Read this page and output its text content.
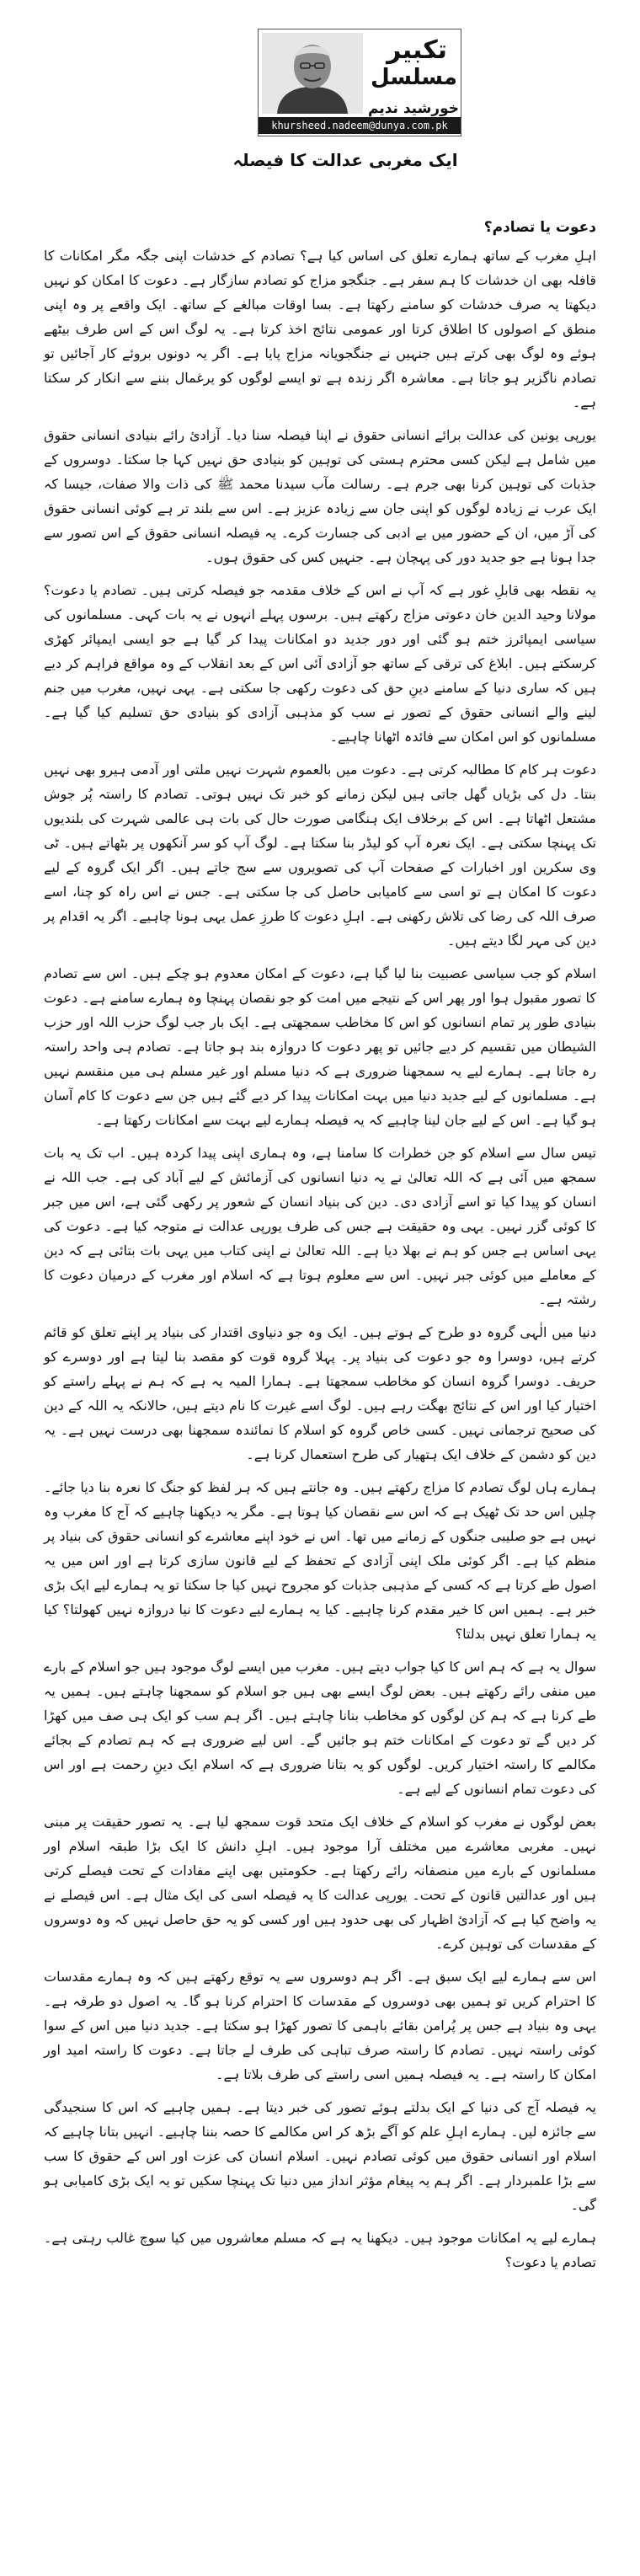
ایک مغربی عدالت کا فیصلہ
تکبیر
مسلسل
خورشید ندیم
khursheed.nadeem@dunya.com.pk
دعوت یا تصادم؟

اہلِ مغرب کے ساتھ ہمارے تعلق کی اساس کیا ہے؟ تصادم کے خدشات اپنی جگہ مگر امکانات کا قافلہ بھی ان خدشات کا ہم سفر ہے۔ جنگجو مزاج کو تصادم سازگار ہے۔ دعوت کا امکان کو نہیں دیکھتا یہ صرف خدشات کو سامنے رکھتا ہے۔ بسا اوقات مبالغے کے ساتھ۔ ایک واقعے پر وہ اپنی منطق کے اصولوں کا اطلاق کرتا اور عمومی نتائج اخذ کرتا ہے۔ یہ لوگ اس کے اس طرف بیٹھے ہوئے وہ لوگ بھی کرتے ہیں جنہیں نے جنگجویانہ مزاج پایا ہے۔ اگر یہ دونوں بروئے کار آجائیں تو تصادم ناگزیر ہو جاتا ہے۔ معاشرہ اگر زندہ ہے تو ایسے لوگوں کو یرغمال بننے سے انکار کر سکتا ہے۔

یورپی یونین کی عدالت برائے انسانی حقوق نے اپنا فیصلہ سنا دیا۔ آزادیٔ رائے بنیادی انسانی حقوق میں شامل ہے لیکن کسی محترم ہستی کی توہین کو بنیادی حق نہیں کہا جا سکتا۔ دوسروں کے جذبات کی توہین کرنا بھی جرم ہے۔ رسالت مآب سیدنا محمد ﷺ کی ذات والا صفات، جیسا کہ ایک عرب نے زیادہ لوگوں کو اپنی جان سے زیادہ عزیز ہے۔ اس سے بلند تر ہے کوئی انسانی حقوق کی آڑ میں، ان کے حضور میں بے ادبی کی جسارت کرے۔ یہ فیصلہ انسانی حقوق کے اس تصور سے جدا ہونا ہے جو جدید دور کی پہچان ہے۔ جنہیں کس کی حقوق ہوں۔

یہ نقطہ بھی قابلِ غور ہے کہ آپ نے اس کے خلاف مقدمہ جو فیصلہ کرتی ہیں۔ تصادم یا دعوت؟ مولانا وحید الدین خان دعوتی مزاج رکھتے ہیں۔ برسوں پہلے انہوں نے یہ بات کہی۔ مسلمانوں کی سیاسی ایمپائرز ختم ہو گئی اور دور جدید دو امکانات پیدا کر گیا ہے جو ایسی ایمپائر کھڑی کرسکتے ہیں۔ ابلاغ کی ترقی کے ساتھ جو آزادی آئی اس کے بعد انقلاب کے وہ مواقع فراہم کر دیے ہیں کہ ساری دنیا کے سامنے دینِ حق کی دعوت رکھی جا سکتی ہے۔ یہی نہیں، مغرب میں جنم لینے والے انسانی حقوق کے تصور نے سب کو مذہبی آزادی کو بنیادی حق تسلیم کیا گیا ہے۔ مسلمانوں کو اس امکان سے فائدہ اٹھانا چاہیے۔

دعوت ہر کام کا مطالبہ کرتی ہے۔ دعوت میں بالعموم شہرت نہیں ملتی اور آدمی ہیرو بھی نہیں بنتا۔ دل کی بڑیاں گھل جاتی ہیں لیکن زمانے کو خبر تک نہیں ہوتی۔ تصادم کا راستہ پُر جوش مشتعل اٹھاتا ہے۔ اس کے برخلاف ایک ہنگامی صورت حال کی بات ہی عالمی شہرت کی بلندیوں تک پہنچا سکتی ہے۔ ایک نعرہ آپ کو لیڈر بنا سکتا ہے۔ لوگ آپ کو سر آنکھوں پر بٹھاتے ہیں۔ ٹی وی سکرین اور اخبارات کے صفحات آپ کی تصویروں سے سج جاتے ہیں۔ اگر ایک گروہ کے لیے دعوت کا امکان ہے تو اسی سے کامیابی حاصل کی جا سکتی ہے۔ جس نے اس راہ کو چنا، اسے صرف اللہ کی رضا کی تلاش رکھنی ہے۔ اہلِ دعوت کا طرزِ عمل یہی ہونا چاہیے۔ اگر یہ اقدام پر دین کی مہر لگا دیتے ہیں۔

اسلام کو جب سیاسی عصبیت بنا لیا گیا ہے، دعوت کے امکان معدوم ہو چکے ہیں۔ اس سے تصادم کا تصور مقبول ہوا اور پھر اس کے نتیجے میں امت کو جو نقصان پہنچا وہ ہمارے سامنے ہے۔ دعوت بنیادی طور پر تمام انسانوں کو اس کا مخاطب سمجھتی ہے۔ ایک بار جب لوگ حزب اللہ اور حزب الشیطان میں تقسیم کر دیے جائیں تو پھر دعوت کا دروازہ بند ہو جاتا ہے۔ تصادم ہی واحد راستہ رہ جاتا ہے۔ ہمارے لیے یہ سمجھنا ضروری ہے کہ دنیا مسلم اور غیر مسلم ہی میں منقسم نہیں ہے۔ مسلمانوں کے لیے جدید دنیا میں بہت امکانات پیدا کر دیے گئے ہیں جن سے دعوت کا کام آسان ہو گیا ہے۔ اس کے لیے جان لینا چاہیے کہ یہ فیصلہ ہمارے لیے بہت سے امکانات رکھتا ہے۔

تیس سال سے اسلام کو جن خطرات کا سامنا ہے، وہ ہماری اپنی پیدا کردہ ہیں۔ اب تک یہ بات سمجھ میں آئی ہے کہ اللہ تعالیٰ نے یہ دنیا انسانوں کی آزمائش کے لیے آباد کی ہے۔ جب اللہ نے انسان کو پیدا کیا تو اسے آزادی دی۔ دین کی بنیاد انسان کے شعور پر رکھی گئی ہے، اس میں جبر کا کوئی گزر نہیں۔ یہی وہ حقیقت ہے جس کی طرف یورپی عدالت نے متوجہ کیا ہے۔ دعوت کی یہی اساس ہے جس کو ہم نے بھلا دیا ہے۔ اللہ تعالیٰ نے اپنی کتاب میں یہی بات بتائی ہے کہ دین کے معاملے میں کوئی جبر نہیں۔ اس سے معلوم ہوتا ہے کہ اسلام اور مغرب کے درمیان دعوت کا رشتہ ہے۔

دنیا میں الٰہی گروہ دو طرح کے ہوتے ہیں۔ ایک وہ جو دنیاوی اقتدار کی بنیاد پر اپنے تعلق کو قائم کرتے ہیں، دوسرا وہ جو دعوت کی بنیاد پر۔ پہلا گروہ قوت کو مقصد بنا لیتا ہے اور دوسرے کو حریف۔ دوسرا گروہ انسان کو مخاطب سمجھتا ہے۔ ہمارا المیہ یہ ہے کہ ہم نے پہلے راستے کو اختیار کیا اور اس کے نتائج بھگت رہے ہیں۔ لوگ اسے غیرت کا نام دیتے ہیں، حالانکہ یہ اللہ کے دین کی صحیح ترجمانی نہیں۔ کسی خاص گروہ کو اسلام کا نمائندہ سمجھنا بھی درست نہیں ہے۔ یہ دین کو دشمن کے خلاف ایک ہتھیار کی طرح استعمال کرنا ہے۔

ہمارے ہاں لوگ تصادم کا مزاج رکھتے ہیں۔ وہ جانتے ہیں کہ ہر لفظ کو جنگ کا نعرہ بنا دیا جائے۔ چلیں اس حد تک ٹھیک ہے کہ اس سے نقصان کیا ہوتا ہے۔ مگر یہ دیکھنا چاہیے کہ آج کا مغرب وہ نہیں ہے جو صلیبی جنگوں کے زمانے میں تھا۔ اس نے خود اپنے معاشرے کو انسانی حقوق کی بنیاد پر منظم کیا ہے۔ اگر کوئی ملک اپنی آزادی کے تحفظ کے لیے قانون سازی کرتا ہے اور اس میں یہ اصول طے کرتا ہے کہ کسی کے مذہبی جذبات کو مجروح نہیں کیا جا سکتا تو یہ ہمارے لیے ایک بڑی خبر ہے۔ ہمیں اس کا خیر مقدم کرنا چاہیے۔ کیا یہ ہمارے لیے دعوت کا نیا دروازہ نہیں کھولتا؟ کیا یہ ہمارا تعلق نہیں بدلتا؟

سوال یہ ہے کہ ہم اس کا کیا جواب دیتے ہیں۔ مغرب میں ایسے لوگ موجود ہیں جو اسلام کے بارے میں منفی رائے رکھتے ہیں۔ بعض لوگ ایسے بھی ہیں جو اسلام کو سمجھنا چاہتے ہیں۔ ہمیں یہ طے کرنا ہے کہ ہم کن لوگوں کو مخاطب بنانا چاہتے ہیں۔ اگر ہم سب کو ایک ہی صف میں کھڑا کر دیں گے تو دعوت کے امکانات ختم ہو جائیں گے۔ اس لیے ضروری ہے کہ ہم تصادم کے بجائے مکالمے کا راستہ اختیار کریں۔ لوگوں کو یہ بتانا ضروری ہے کہ اسلام ایک دینِ رحمت ہے اور اس کی دعوت تمام انسانوں کے لیے ہے۔

بعض لوگوں نے مغرب کو اسلام کے خلاف ایک متحد قوت سمجھ لیا ہے۔ یہ تصور حقیقت پر مبنی نہیں۔ مغربی معاشرے میں مختلف آرا موجود ہیں۔ اہلِ دانش کا ایک بڑا طبقہ اسلام اور مسلمانوں کے بارے میں منصفانہ رائے رکھتا ہے۔ حکومتیں بھی اپنے مفادات کے تحت فیصلے کرتی ہیں اور عدالتیں قانون کے تحت۔ یورپی عدالت کا یہ فیصلہ اسی کی ایک مثال ہے۔ اس فیصلے نے یہ واضح کیا ہے کہ آزادیٔ اظہار کی بھی حدود ہیں اور کسی کو یہ حق حاصل نہیں کہ وہ دوسروں کے مقدسات کی توہین کرے۔

اس سے ہمارے لیے ایک سبق ہے۔ اگر ہم دوسروں سے یہ توقع رکھتے ہیں کہ وہ ہمارے مقدسات کا احترام کریں تو ہمیں بھی دوسروں کے مقدسات کا احترام کرنا ہو گا۔ یہ اصول دو طرفہ ہے۔ یہی وہ بنیاد ہے جس پر پُرامن بقائے باہمی کا تصور کھڑا ہو سکتا ہے۔ جدید دنیا میں اس کے سوا کوئی راستہ نہیں۔ تصادم کا راستہ صرف تباہی کی طرف لے جاتا ہے۔ دعوت کا راستہ امید اور امکان کا راستہ ہے۔ یہ فیصلہ ہمیں اسی راستے کی طرف بلاتا ہے۔

یہ فیصلہ آج کی دنیا کے ایک بدلتے ہوئے تصور کی خبر دیتا ہے۔ ہمیں چاہیے کہ اس کا سنجیدگی سے جائزہ لیں۔ ہمارے اہلِ علم کو آگے بڑھ کر اس مکالمے کا حصہ بننا چاہیے۔ انہیں بتانا چاہیے کہ اسلام اور انسانی حقوق میں کوئی تصادم نہیں۔ اسلام انسان کی عزت اور اس کے حقوق کا سب سے بڑا علمبردار ہے۔ اگر ہم یہ پیغام مؤثر انداز میں دنیا تک پہنچا سکیں تو یہ ایک بڑی کامیابی ہو گی۔

ہمارے لیے یہ امکانات موجود ہیں۔ دیکھنا یہ ہے کہ مسلم معاشروں میں کیا سوچ غالب رہتی ہے۔ تصادم یا دعوت؟
